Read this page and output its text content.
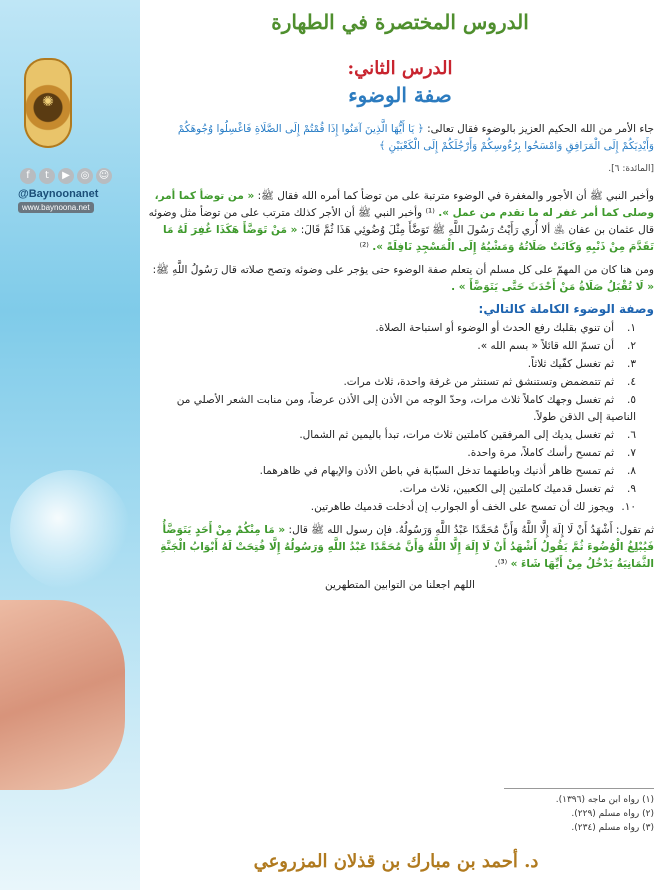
✺
f	t	▶	◎ ☺
@Baynoonanet
www.baynoona.net
الدروس المختصرة في الطهارة
الدرس الثاني:
صفة الوضوء

جاء الأمر من الله الحكيم العزيز بالوضوء فقال تعالى: ﴿ يَا أَيُّهَا الَّذِينَ آمَنُوا إِذَا قُمْتُمْ إِلَى الصَّلَاةِ فَاغْسِلُوا وُجُوهَكُمْ وَأَيْدِيَكُمْ إِلَى الْمَرَافِقِ وَامْسَحُوا بِرُءُوسِكُمْ وَأَرْجُلَكُمْ إِلَى الْكَعْبَيْنِ ﴾

[المائدة: ٦].

وأخبر النبي ﷺ أن الأجور والمغفرة في الوضوء مترتبة على من توضأ كما أمره الله فقال ﷺ: « من توضأ كما أمر، وصلى كما أمر غفر له ما تقدم من عمل ». ⁽¹⁾ وأخبر النبي ﷺ أن الأجر كذلك مترتب على من توضأ مثل وضوئه قال عثمان بن عفان ﵁ ألا أُري رَأَيْتُ رَسُولَ اللَّهِ ﷺ تَوَضَّأَ مِثْلَ وُضُوئِي هَذَا ثُمَّ قَالَ: « مَنْ تَوَضَّأَ هَكَذَا غُفِرَ لَهُ مَا تَقَدَّمَ مِنْ ذَنْبِهِ وَكَانَتْ صَلَاتُهُ وَمَشْيُهُ إِلَى الْمَسْجِدِ نَافِلَةً ». ⁽²⁾

ومن هنا كان من المهمّ على كل مسلم أن يتعلم صفة الوضوء حتى يؤجر على وضوئه وتصح صلاته قال رَسُولُ اللَّهِ ﷺ: « لَا تُقْبَلُ صَلَاةُ مَنْ أَحْدَثَ حَتَّى يَتَوَضَّأَ » .

وصفة الوضوء الكاملة كالتالي:
١.أن تنوي بقلبك رفع الحدث أو الوضوء أو استباحة الصلاة.
٢.أن تسمّ الله قائلاً « بسم الله ».
٣.ثم تغسل كفّيك ثلاثاً.
٤.ثم تتمضمض وتستنشق ثم تستنثر من غرفة واحدة، ثلاث مرات.
٥.ثم تغسل وجهك كاملاً ثلاث مرات، وحدّ الوجه من الأذن إلى الأذن عرضاً، ومن منابت الشعر الأصلي من الناصية إلى الذقن طولاً.
٦.ثم تغسل يديك إلى المرفقين كاملتين ثلاث مرات، تبدأ باليمين ثم الشمال.
٧.ثم تمسح رأسك كاملاً، مرة واحدة.
٨.ثم تمسح ظاهر أذنيك وباطنهما تدخل السبّابة في باطن الأذن والإبهام في ظاهرهما.
٩.ثم تغسل قدميك كاملتين إلى الكعبين، ثلاث مرات.
١٠.ويجوز لك أن تمسح على الخف أو الجوارب إن أدخلت قدميك طاهرتين.

ثم تقول: أَشْهَدُ أَنْ لَا إِلَهَ إِلَّا اللَّهُ وَأَنَّ مُحَمَّدًا عَبْدُ اللَّهِ وَرَسُولُهُ. فإن رسول الله ﷺ قال: « مَا مِنْكُمْ مِنْ أَحَدٍ يَتَوَضَّأُ فَيُبْلِغُ الْوُضُوءَ ثُمَّ يَقُولُ أَشْهَدُ أَنْ لَا إِلَهَ إِلَّا اللَّهُ وَأَنَّ مُحَمَّدًا عَبْدُ اللَّهِ وَرَسُولُهُ إِلَّا فُتِحَتْ لَهُ أَبْوَابُ الْجَنَّةِ الثَّمَانِيَةُ يَدْخُلُ مِنْ أَيِّهَا شَاءَ » ⁽³⁾.

اللهم اجعلنا من التوابين المتطهرين
(١) رواه ابن ماجه (١٣٩٦).
(٢) رواه مسلم (٢٢٩).
(٣) رواه مسلم (٢٣٤).
د. أحمد بن مبارك بن قذلان المزروعي
